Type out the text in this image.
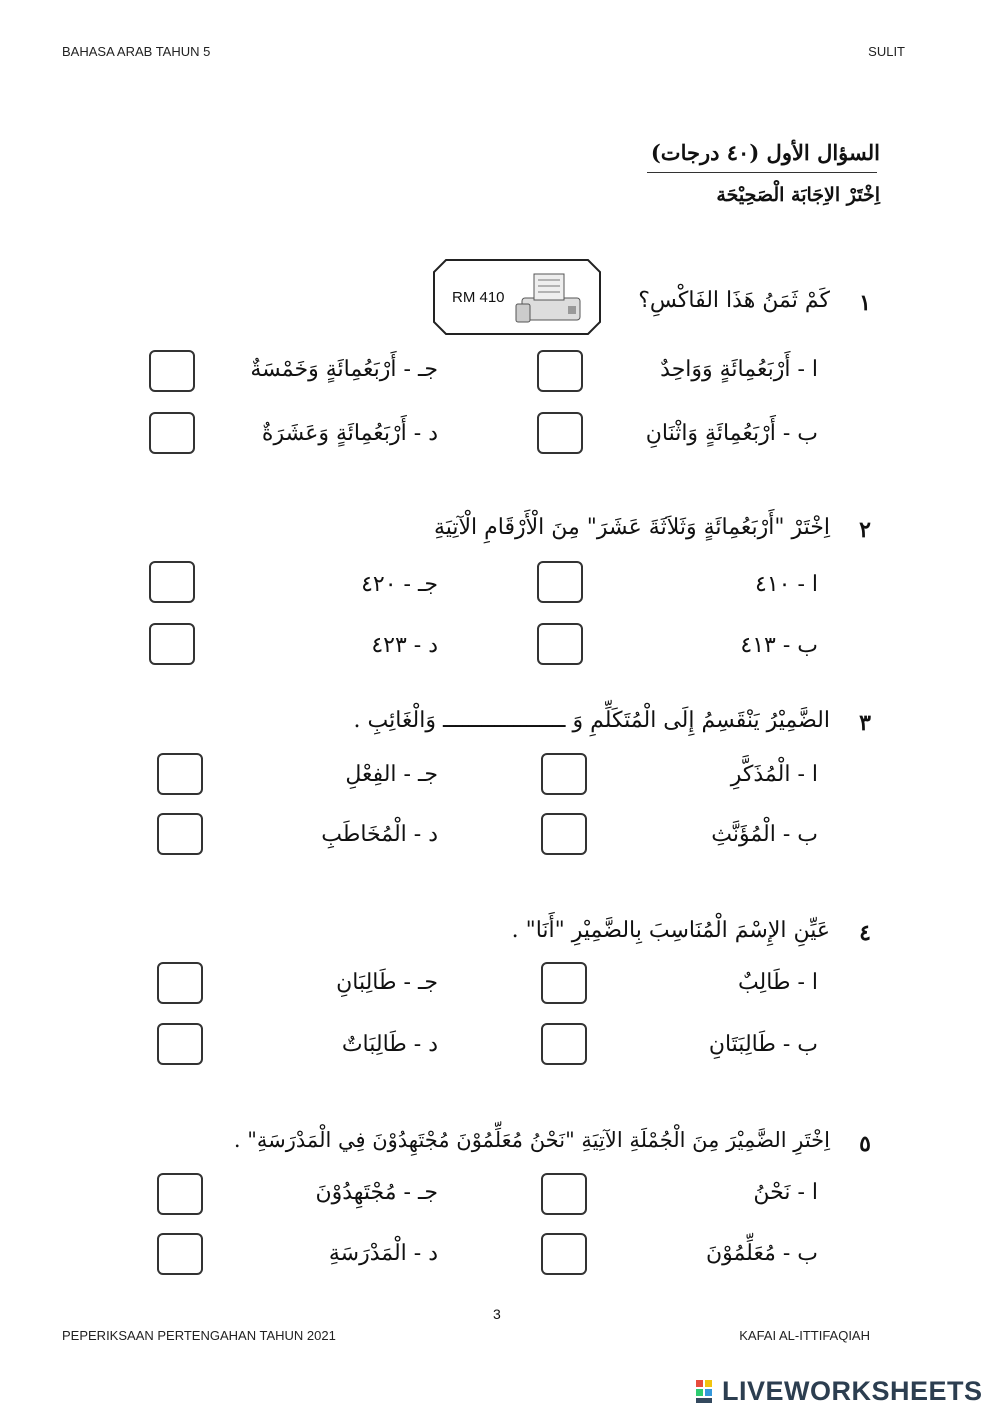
BAHASA ARAB TAHUN 5	SULIT
السؤال الأول (٤٠ درجات)
اِخْتَرْ الاِجَابَة الْصَحِيْحَة
١
كَمْ ثَمَنُ هَذَا الفَاكْسِ؟
RM 410
ا - أَرْبَعُمِائَةٍ وَوَاحِدٌ
ب - أَرْبَعُمِائَةٍ وَاثْنَانِ
جـ - أَرْبَعُمِائَةٍ وَخَمْسَةٌ
د - أَرْبَعُمِائَةٍ وَعَشَرَةٌ
٢
اِخْتَرْ "أَرْبَعُمِائَةٍ وَثَلاَثَةَ عَشَرَ" مِنَ الْأَرْقَامِ الْآتِيَةِ
ا - ٤١٠
ب - ٤١٣
جـ - ٤٢٠
د - ٤٢٣
٣
الضَّمِيْرُ يَنْقَسِمُ إِلَى الْمُتَكَلِّمِ وَ ـــــــــــــــــــ وَالْغَائِبِ .
ا - الْمُذَكَّرِ
ب - الْمُؤَنَّثِ
جـ - الفِعْلِ
د - الْمُخَاطَبِ
٤
عَيِّنِ الإِسْمَ الْمُنَاسِبَ بِالضَّمِيْرِ "أَنَا" .
ا - طَالِبٌ
ب - طَالِبَتَانِ
جـ - طَالِبَانِ
د - طَالِبَاتٌ
٥
اِخْتَرِ الضَّمِيْرَ مِنَ الْجُمْلَةِ الآتِيَةِ "نَحْنُ مُعَلِّمُوْنَ مُجْتَهِدُوْنَ فِي الْمَدْرَسَةِ" .
ا - نَحْنُ
ب - مُعَلِّمُوْنَ
جـ - مُجْتَهِدُوْنَ
د - الْمَدْرَسَةِ
3
PEPERIKSAAN PERTENGAHAN TAHUN 2021	KAFAI AL-ITTIFAQIAH
LIVEWORKSHEETS
